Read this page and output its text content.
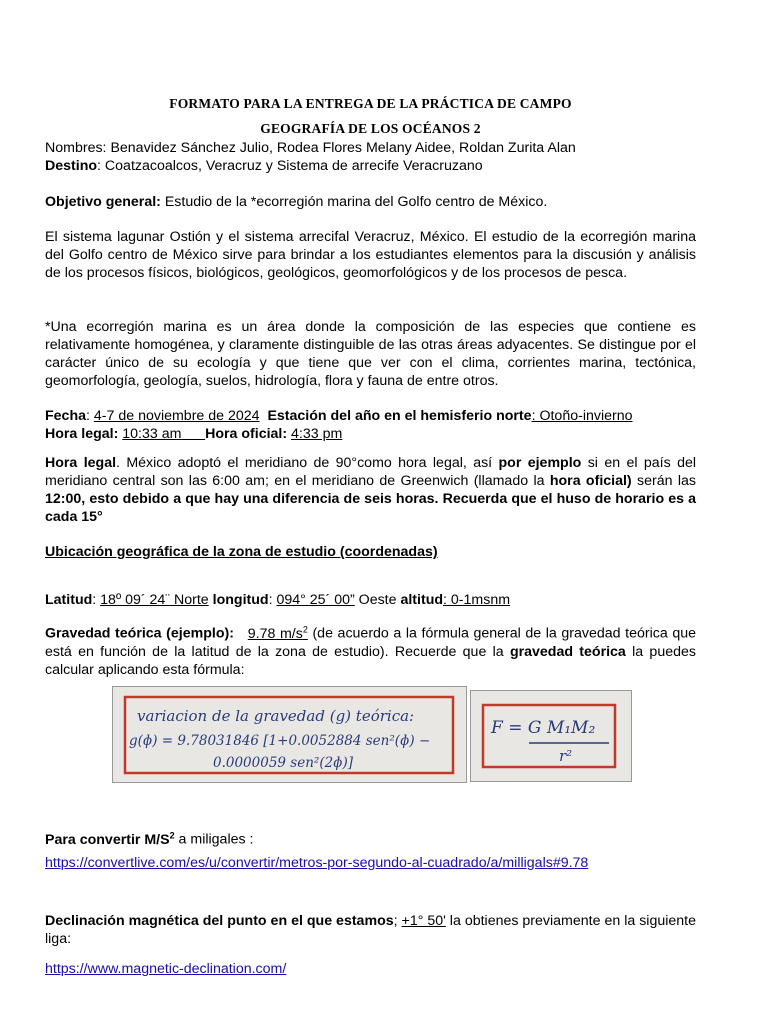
FORMATO PARA LA ENTREGA DE LA PRÁCTICA DE CAMPO
GEOGRAFÍA DE LOS OCÉANOS 2
Nombres: Benavidez Sánchez Julio, Rodea Flores Melany Aidee, Roldan Zurita Alan
Destino: Coatzacoalcos, Veracruz y Sistema de arrecife Veracruzano
Objetivo general: Estudio de la *ecorregión marina del Golfo centro de México.
El sistema lagunar Ostión y el sistema arrecifal Veracruz, México. El estudio de la ecorregión marina del Golfo centro de México sirve para brindar a los estudiantes elementos para la discusión y análisis de los procesos físicos, biológicos, geológicos, geomorfológicos y de los procesos de pesca.
*Una ecorregión marina es un área donde la composición de las especies que contiene es relativamente homogénea, y claramente distinguible de las otras áreas adyacentes. Se distingue por el carácter único de su ecología y que tiene que ver con el clima, corrientes marina, tectónica, geomorfología, geología, suelos, hidrología, flora y fauna de entre otros.
Fecha: 4-7 de noviembre de 2024 Estación del año en el hemisferio norte: Otoño-invierno
Hora legal: 10:33 am Hora oficial: 4:33 pm
Hora legal. México adoptó el meridiano de 90°como hora legal, así por ejemplo si en el país del meridiano central son las 6:00 am; en el meridiano de Greenwich (llamado la hora oficial) serán las 12:00, esto debido a que hay una diferencia de seis horas. Recuerda que el huso de horario es a cada 15°
Ubicación geográfica de la zona de estudio (coordenadas)
Latitud: 18º 09´ 24¨ Norte longitud: 094° 25´ 00” Oeste altitud: 0-1msnm
Gravedad teórica (ejemplo): 9.78 $m/s^2$ (de acuerdo a la fórmula general de la gravedad teórica que está en función de la latitud de la zona de estudio). Recuerde que la gravedad teórica la puedes calcular aplicando esta fórmula:
variacion de la gravedad (g) teórica:
g(ɸ) = 9.78031846 [1+0.0052884 sen²(ɸ) −
0.0000059 sen²(2ɸ)]
F = G M₁M₂
r²
Para convertir $M/S^2$ a miligales :
https://convertlive.com/es/u/convertir/metros-por-segundo-al-cuadrado/a/milligals#9.78
Declinación magnética del punto en el que estamos; +1° 50' la obtienes previamente en la siguiente liga:
https://www.magnetic-declination.com/
